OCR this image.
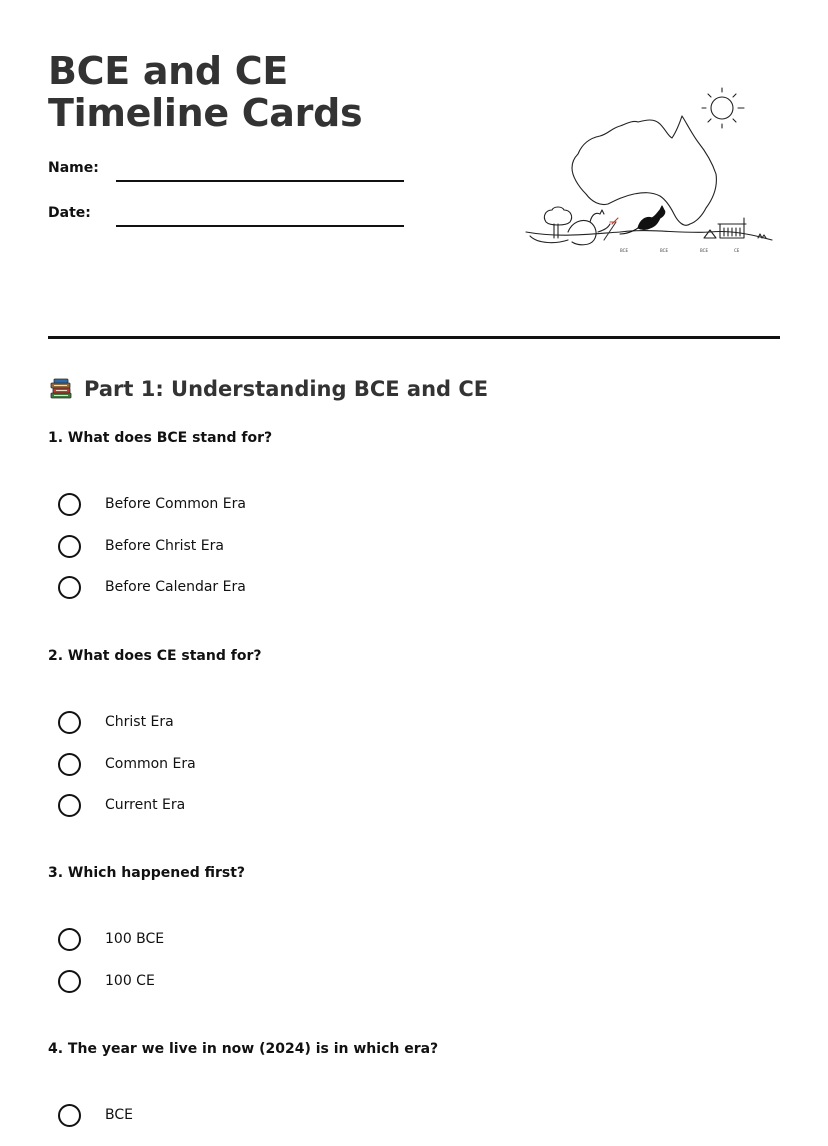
BCE and CE Timeline Cards
Name:
Date:
BCE	BCE	BCE	CE
Part 1: Understanding BCE and CE
1. What does BCE stand for?
Before Common Era
Before Christ Era
Before Calendar Era
2. What does CE stand for?
Christ Era
Common Era
Current Era
3. Which happened first?
100 BCE
100 CE
4. The year we live in now (2024) is in which era?
BCE
